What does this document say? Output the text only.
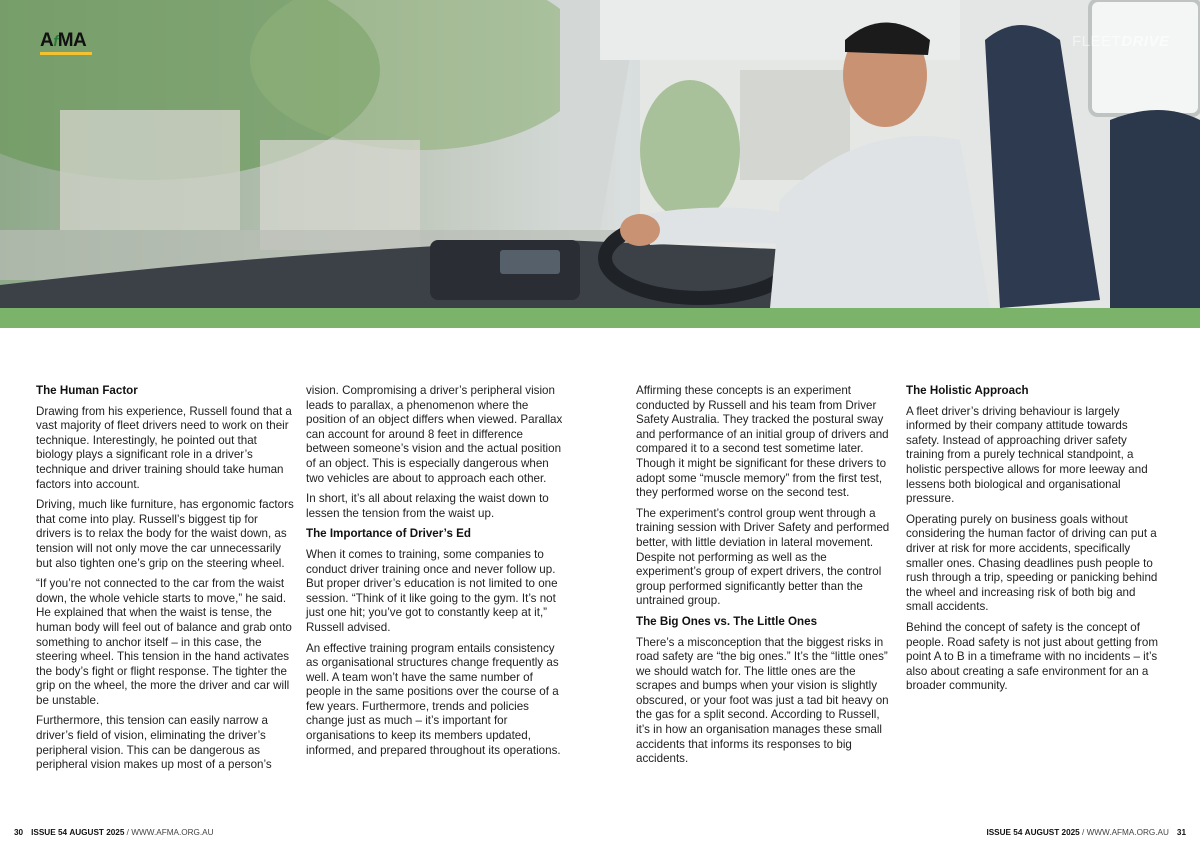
AfMA	FLEETDRIVE
The Human Factor

Drawing from his experience, Russell found that a vast majority of fleet drivers need to work on their technique. Interestingly, he pointed out that biology plays a significant role in a driver’s technique and driver training should take human factors into account.

Driving, much like furniture, has ergonomic factors that come into play. Russell’s biggest tip for drivers is to relax the body for the waist down, as tension will not only move the car unnecessarily but also tighten one’s grip on the steering wheel.

“If you’re not connected to the car from the waist down, the whole vehicle starts to move,” he said. He explained that when the waist is tense, the human body will feel out of balance and grab onto something to anchor itself – in this case, the steering wheel. This tension in the hand activates the body’s fight or flight response. The tighter the grip on the wheel, the more the driver and car will be unstable.

Furthermore, this tension can easily narrow a driver’s field of vision, eliminating the driver’s peripheral vision. This can be dangerous as peripheral vision makes up most of a person’s

vision. Compromising a driver’s peripheral vision leads to parallax, a phenomenon where the position of an object differs when viewed. Parallax can account for around 8 feet in difference between someone’s vision and the actual position of an object. This is especially dangerous when two vehicles are about to approach each other.

In short, it’s all about relaxing the waist down to lessen the tension from the waist up.

The Importance of Driver’s Ed

When it comes to training, some companies to conduct driver training once and never follow up. But proper driver’s education is not limited to one session. “Think of it like going to the gym. It’s not just one hit; you’ve got to constantly keep at it,” Russell advised.

An effective training program entails consistency as organisational structures change frequently as well. A team won’t have the same number of people in the same positions over the course of a few years. Furthermore, trends and policies change just as much – it’s important for organisations to keep its members updated, informed, and prepared throughout its operations.

Affirming these concepts is an experiment conducted by Russell and his team from Driver Safety Australia. They tracked the postural sway and performance of an initial group of drivers and compared it to a second test sometime later. Though it might be significant for these drivers to adopt some “muscle memory” from the first test, they performed worse on the second test.

The experiment’s control group went through a training session with Driver Safety and performed better, with little deviation in lateral movement. Despite not performing as well as the experiment’s group of expert drivers, the control group performed significantly better than the untrained group.

The Big Ones vs. The Little Ones

There’s a misconception that the biggest risks in road safety are “the big ones.” It’s the “little ones” we should watch for. The little ones are the scrapes and bumps when your vision is slightly obscured, or your foot was just a tad bit heavy on the gas for a split second. According to Russell, it’s in how an organisation manages these small accidents that informs its responses to big accidents.

The Holistic Approach

A fleet driver’s driving behaviour is largely informed by their company attitude towards safety. Instead of approaching driver safety training from a purely technical standpoint, a holistic perspective allows for more leeway and lessens both biological and organisational pressure.

Operating purely on business goals without considering the human factor of driving can put a driver at risk for more accidents, specifically smaller ones. Chasing deadlines push people to rush through a trip, speeding or panicking behind the wheel and increasing risk of both big and small accidents.

Behind the concept of safety is the concept of people. Road safety is not just about getting from point A to B in a timeframe with no incidents – it’s also about creating a safe environment for an a broader community.

30 ISSUE 54 AUGUST 2025 / WWW.AFMA.ORG.AU	ISSUE 54 AUGUST 2025 / WWW.AFMA.ORG.AU 31
